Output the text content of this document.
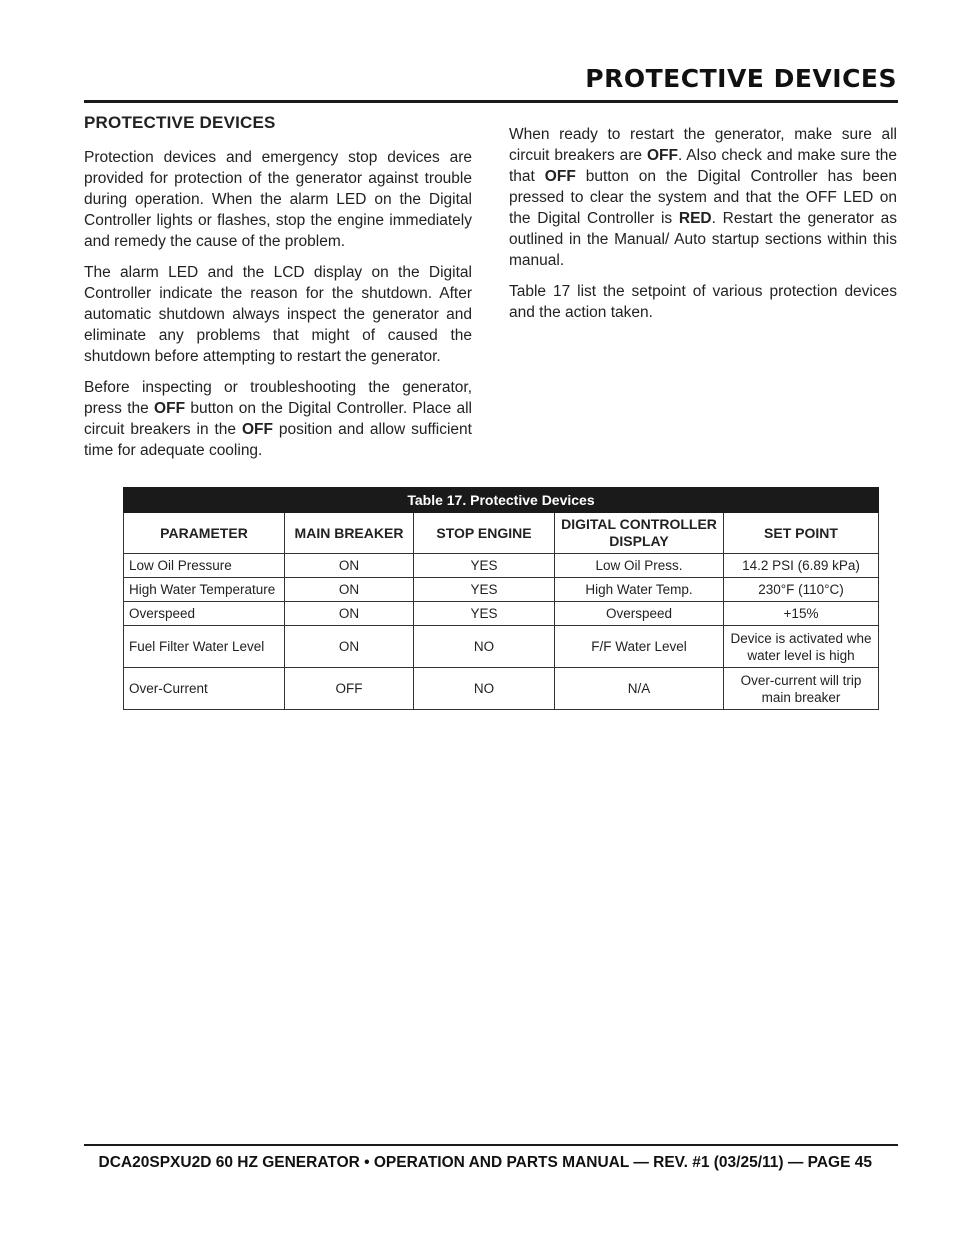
PROTECTIVE DEVICES
PROTECTIVE DEVICES

Protection devices and emergency stop devices are provided for protection of the generator against trouble during operation. When the alarm LED on the Digital Controller lights or flashes, stop the engine immediately and remedy the cause of the problem.

The alarm LED and the LCD display on the Digital Controller indicate the reason for the shutdown. After automatic shutdown always inspect the generator and eliminate any problems that might of caused the shutdown before attempting to restart the generator.

Before inspecting or troubleshooting the generator, press the OFF button on the Digital Controller. Place all circuit breakers in the OFF position and allow sufficient time for adequate cooling.

When ready to restart the generator, make sure all circuit breakers are OFF. Also check and make sure the that OFF button on the Digital Controller has been pressed to clear the system and that the OFF LED on the Digital Controller is RED. Restart the generator as outlined in the Manual/ Auto startup sections within this manual.

Table 17 list the setpoint of various protection devices and the action taken.

Table 17. Protective Devices				
PARAMETER	MAIN BREAKER	STOP ENGINE	DIGITAL CONTROLLER DISPLAY	SET POINT
Low Oil Pressure	ON	YES	Low Oil Press.	14.2 PSI (6.89 kPa)
High Water Temperature	ON	YES	High Water Temp.	230°F (110°C)
Overspeed	ON	YES	Overspeed	+15%
Fuel Filter Water Level	ON	NO	F/F Water Level	Device is activated whe water level is high
Over-Current	OFF	NO	N/A	Over-current will trip main breaker
DCA20SPXU2D 60 HZ GENERATOR • OPERATION AND PARTS MANUAL — REV. #1 (03/25/11) — PAGE 45
